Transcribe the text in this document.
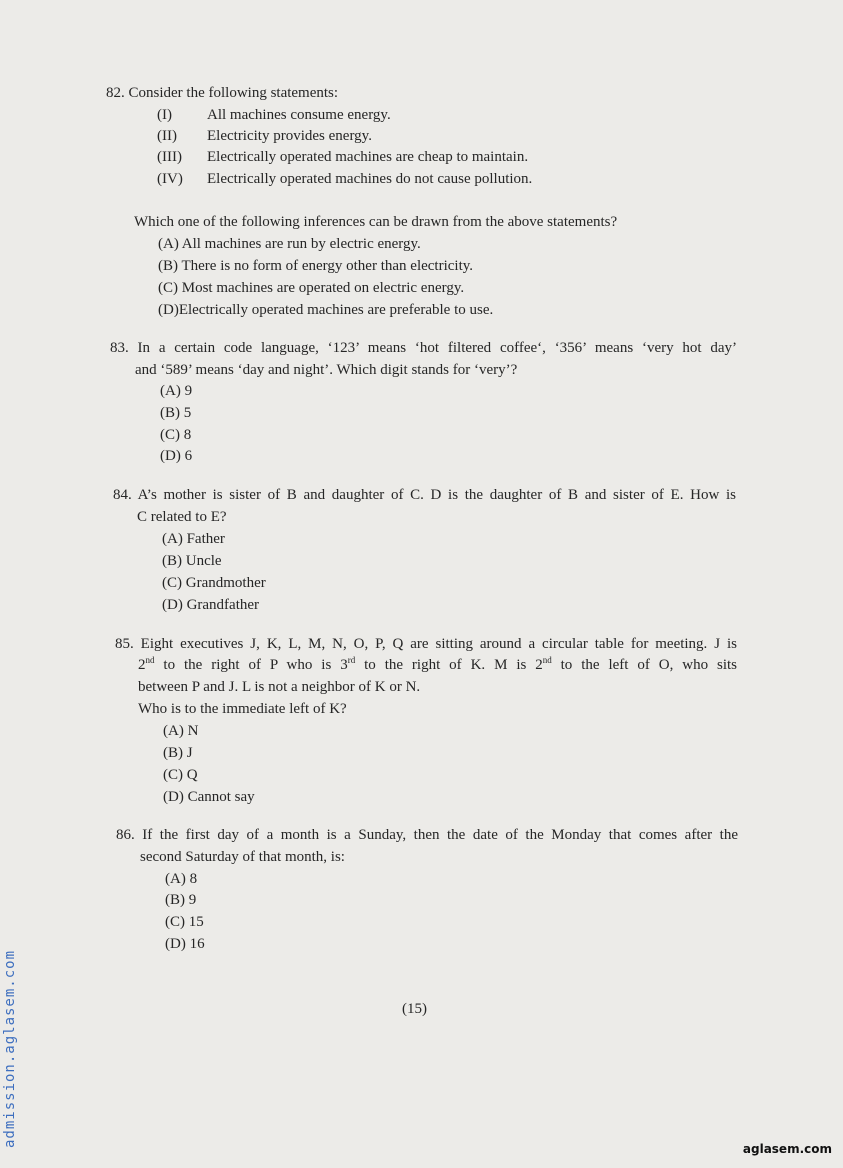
82. Consider the following statements:
(I) All machines consume energy.
(II) Electricity provides energy.
(III) Electrically operated machines are cheap to maintain.
(IV) Electrically operated machines do not cause pollution.
Which one of the following inferences can be drawn from the above statements?
(A) All machines are run by electric energy.
(B) There is no form of energy other than electricity.
(C) Most machines are operated on electric energy.
(D)Electrically operated machines are preferable to use.
83. In a certain code language, ‘123’ means ‘hot filtered coffee‘, ‘356’ means ‘very hot day’
and ‘589’ means ‘day and night’. Which digit stands for ‘very’?
(A) 9
(B) 5
(C) 8
(D) 6
84. A’s mother is sister of B and daughter of C. D is the daughter of B and sister of E. How is
C related to E?
(A) Father
(B) Uncle
(C) Grandmother
(D) Grandfather
85. Eight executives J, K, L, M, N, O, P, Q are sitting around a circular table for meeting. J is
2nd to the right of P who is 3rd to the right of K. M is 2nd to the left of O, who sits
between P and J. L is not a neighbor of K or N.
Who is to the immediate left of K?
(A) N
(B) J
(C) Q
(D) Cannot say
86. If the first day of a month is a Sunday, then the date of the Monday that comes after the
second Saturday of that month, is:
(A) 8
(B) 9
(C) 15
(D) 16
(15)
admission.aglasem.com
aglasem.com
